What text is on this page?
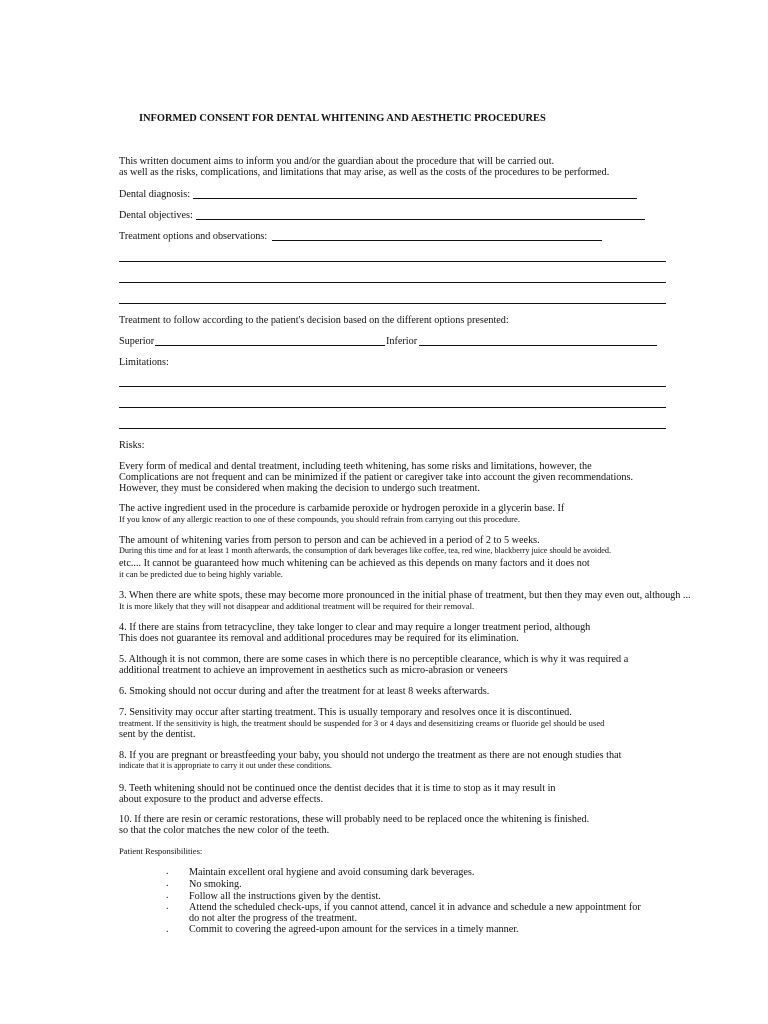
INFORMED CONSENT FOR DENTAL WHITENING AND AESTHETIC PROCEDURES
This written document aims to inform you and/or the guardian about the procedure that will be carried out.
as well as the risks, complications, and limitations that may arise, as well as the costs of the procedures to be performed.
Dental diagnosis:
Dental objectives:
Treatment options and observations:
Treatment to follow according to the patient's decision based on the different options presented:
Superior	Inferior
Limitations:
Risks:
Every form of medical and dental treatment, including teeth whitening, has some risks and limitations, however, the
Complications are not frequent and can be minimized if the patient or caregiver take into account the given recommendations.
However, they must be considered when making the decision to undergo such treatment.
The active ingredient used in the procedure is carbamide peroxide or hydrogen peroxide in a glycerin base. If
If you know of any allergic reaction to one of these compounds, you should refrain from carrying out this procedure.
The amount of whitening varies from person to person and can be achieved in a period of 2 to 5 weeks.
During this time and for at least 1 month afterwards, the consumption of dark beverages like coffee, tea, red wine, blackberry juice should be avoided.
etc.... It cannot be guaranteed how much whitening can be achieved as this depends on many factors and it does not
it can be predicted due to being highly variable.
3. When there are white spots, these may become more pronounced in the initial phase of treatment, but then they may even out, although ...
It is more likely that they will not disappear and additional treatment will be required for their removal.
4. If there are stains from tetracycline, they take longer to clear and may require a longer treatment period, although
This does not guarantee its removal and additional procedures may be required for its elimination.
5. Although it is not common, there are some cases in which there is no perceptible clearance, which is why it was required a
additional treatment to achieve an improvement in aesthetics such as micro-abrasion or veneers
6. Smoking should not occur during and after the treatment for at least 8 weeks afterwards.
7. Sensitivity may occur after starting treatment. This is usually temporary and resolves once it is discontinued.
treatment. If the sensitivity is high, the treatment should be suspended for 3 or 4 days and desensitizing creams or fluoride gel should be used
sent by the dentist.
8. If you are pregnant or breastfeeding your baby, you should not undergo the treatment as there are not enough studies that
indicate that it is appropriate to carry it out under these conditions.
9. Teeth whitening should not be continued once the dentist decides that it is time to stop as it may result in
about exposure to the product and adverse effects.
10. If there are resin or ceramic restorations, these will probably need to be replaced once the whitening is finished.
so that the color matches the new color of the teeth.
Patient Responsibilities:
. Maintain excellent oral hygiene and avoid consuming dark beverages.
. No smoking.
. Follow all the instructions given by the dentist.
. Attend the scheduled check-ups, if you cannot attend, cancel it in advance and schedule a new appointment for
do not alter the progress of the treatment.
. Commit to covering the agreed-upon amount for the services in a timely manner.
